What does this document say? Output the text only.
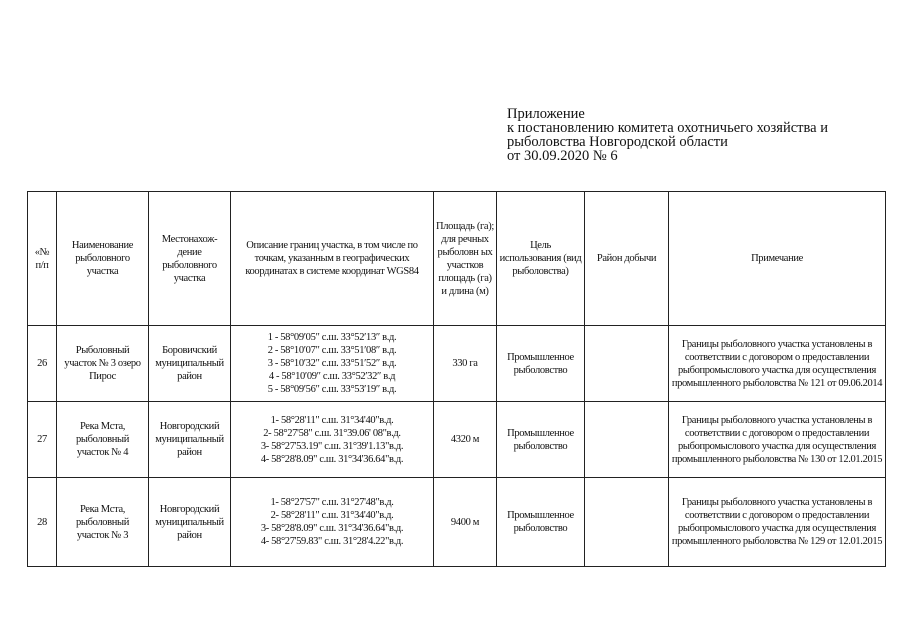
Приложение
к постановлению комитета охотничьего хозяйства и
рыболовства Новгородской области
от 30.09.2020 № 6
«№ п/п	Наименование рыболовного участка	Местонахож-дение рыболовного участка	Описание границ участка, в том числе по точкам, указанным в географических координатах в системе координат WGS84	Площадь (га); для речных рыболовн ых участков площадь (га) и длина (м)	Цель использования (вид рыболовства)	Район добычи	Примечание
26	Рыболовный участок № 3 озеро Пирос	Боровичский муниципальный район	1 - 58°09′05″ с.ш. 33°52′13″ в.д.
2 - 58°10′07″ с.ш. 33°51′08″ в.д.
3 - 58°10′32″ с.ш. 33°51′52″ в.д.
4 - 58°10′09″ с.ш. 33°52′32″ в.д
5 - 58°09′56″ с.ш. 33°53′19″ в.д.	330 га	Промышленное рыболовство		Границы рыболовного участка установлены в соответствии с договором о предоставлении рыбопромыслового участка для осуществления промышленного рыболовства № 121 от 09.06.2014
27	Река Мста, рыболовный участок № 4	Новгородский муниципальный район	1- 58°28'11" с.ш. 31°34'40"в.д.
2- 58°27'58" с.ш. 31°39.06' 08"в.д.
3- 58°27'53.19" с.ш. 31°39'1.13"в.д.
4- 58°28'8.09" с.ш. 31°34'36.64"в.д.	4320 м	Промышленное рыболовство		Границы рыболовного участка установлены в соответствии с договором о предоставлении рыбопромыслового участка для осуществления промышленного рыболовства № 130 от 12.01.2015
28	Река Мста, рыболовный участок № 3	Новгородский муниципальный район	1- 58°27'57" с.ш. 31°27'48"в.д.
2- 58°28'11" с.ш. 31°34'40"в.д.
3- 58°28'8.09" с.ш. 31°34'36.64"в.д.
4- 58°27'59.83" с.ш. 31°28'4.22"в.д.	9400 м	Промышленное рыболовство		Границы рыболовного участка установлены в соответствии с договором о предоставлении рыбопромыслового участка для осуществления промышленного рыболовства № 129 от 12.01.2015
